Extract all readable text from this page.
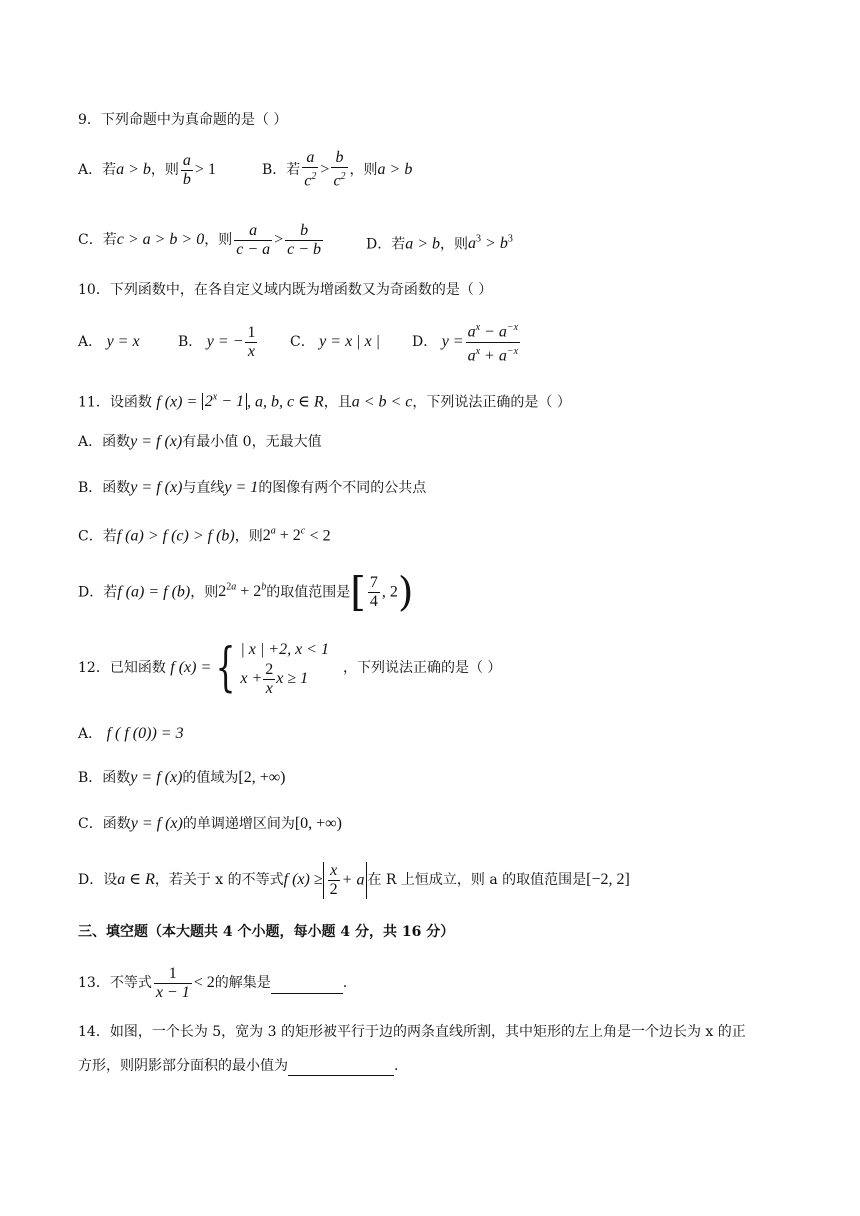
9．下列命题中为真命题的是（ ）
A．若a > b，则 $\frac{a}{b} > 1$	B．若 $\frac{a}{c^2} > \frac{b}{c^2}$ ，则a > b
C．若c > a > b > 0，则 $\frac{a}{c - a} > \frac{b}{c - b}$	D．若a > b，则$a^3 > b^3$
10．下列函数中，在各自定义域内既为增函数又为奇函数的是（ ）
A． y = x	B． y = − $\frac{1}{x}$ C． y = x | x | D． $y = \frac{a^x - a^{-x}}{a^x + a^{-x}}$
11．设函数 f $(x) = 2^x - 1$ , a, b, c ∈ R，且a < b < c，下列说法正确的是（ ）
A．函数y = f (x)有最小值 0，无最大值
B．函数y = f (x)与直线y = 1的图像有两个不同的公共点
C．若f (a) > f (c) > f (b)，则$2^a + 2^c < 2$
D．若f (a) = f (b)，则$2^{2a} + 2^b$的取值范围是[ $\frac{7}{4}$ , 2)
12．已知函数 f (x) ={ | x | +2, x < 1
$x + \frac{2}{x}$ x ≥ 1
，下列说法正确的是（ ）
A． f ( f (0)) = 3
B．函数y = f (x)的值域为[2, +∞)
C．函数y = f (x)的单调递增区间为[0, +∞)
D．设a ∈ R，若关于 x 的不等式f $(x) \ge \frac{x}{2} + a$ 在 R 上恒成立，则 a 的取值范围是[−2, 2]
三、填空题（本大题共 4 个小题，每小题 4 分，共 16 分）
13．不等式 $\frac{1}{x - 1} < 2$的解集是	.
14．如图，一个长为 5，宽为 3 的矩形被平行于边的两条直线所割，其中矩形的左上角是一个边长为 x 的正
方形，则阴影部分面积的最小值为	.
